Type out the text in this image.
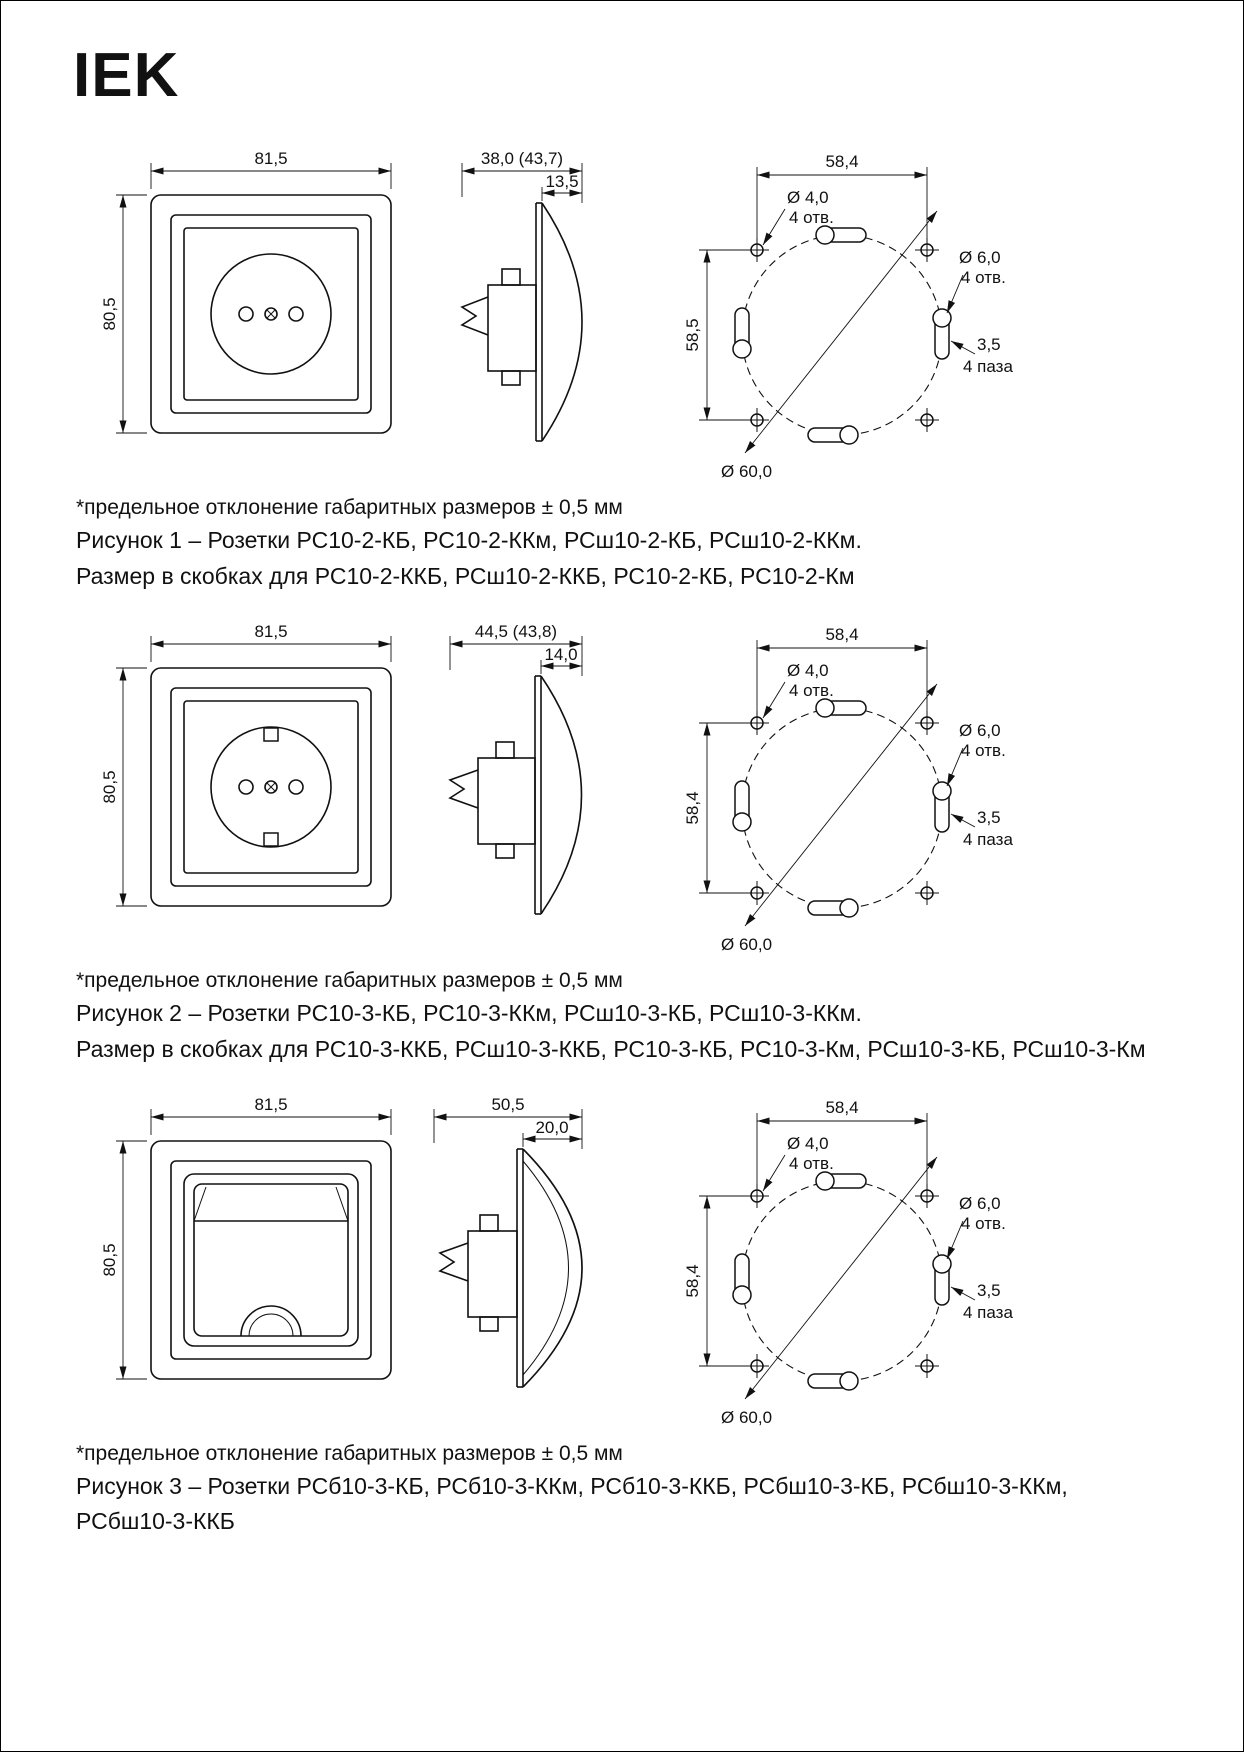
IEK
81,5
80,5

38,0 (43,7)
13,5

58,4
58,5
Ø 60,0
Ø 4,0
4 отв.
Ø 6,0
4 отв.
3,5
4 паза

*предельное отклонение габаритных размеров ± 0,5 мм

Рисунок 1 – Розетки РС10-2-КБ, РС10-2-ККм, РСш10-2-КБ, РСш10-2-ККм.

Размер в скобках для РС10-2-ККБ, РСш10-2-ККБ, РС10-2-КБ, РС10-2-Км

81,5
80,5

44,5 (43,8)
14,0

58,4
58,4
Ø 60,0
Ø 4,0
4 отв.
Ø 6,0
4 отв.
3,5
4 паза

*предельное отклонение габаритных размеров ± 0,5 мм

Рисунок 2 – Розетки РС10-3-КБ, РС10-3-ККм, РСш10-3-КБ, РСш10-3-ККм.

Размер в скобках для РС10-3-ККБ, РСш10-3-ККБ, РС10-3-КБ, РС10-3-Км, РСш10-3-КБ, РСш10-3-Км

81,5
80,5

50,5
20,0

58,4
58,4
Ø 60,0
Ø 4,0
4 отв.
Ø 6,0
4 отв.
3,5
4 паза

*предельное отклонение габаритных размеров ± 0,5 мм

Рисунок 3 – Розетки РСб10-3-КБ, РСб10-3-ККм, РСб10-3-ККБ, РСбш10-3-КБ, РСбш10-3-ККм,

РСбш10-3-ККБ
